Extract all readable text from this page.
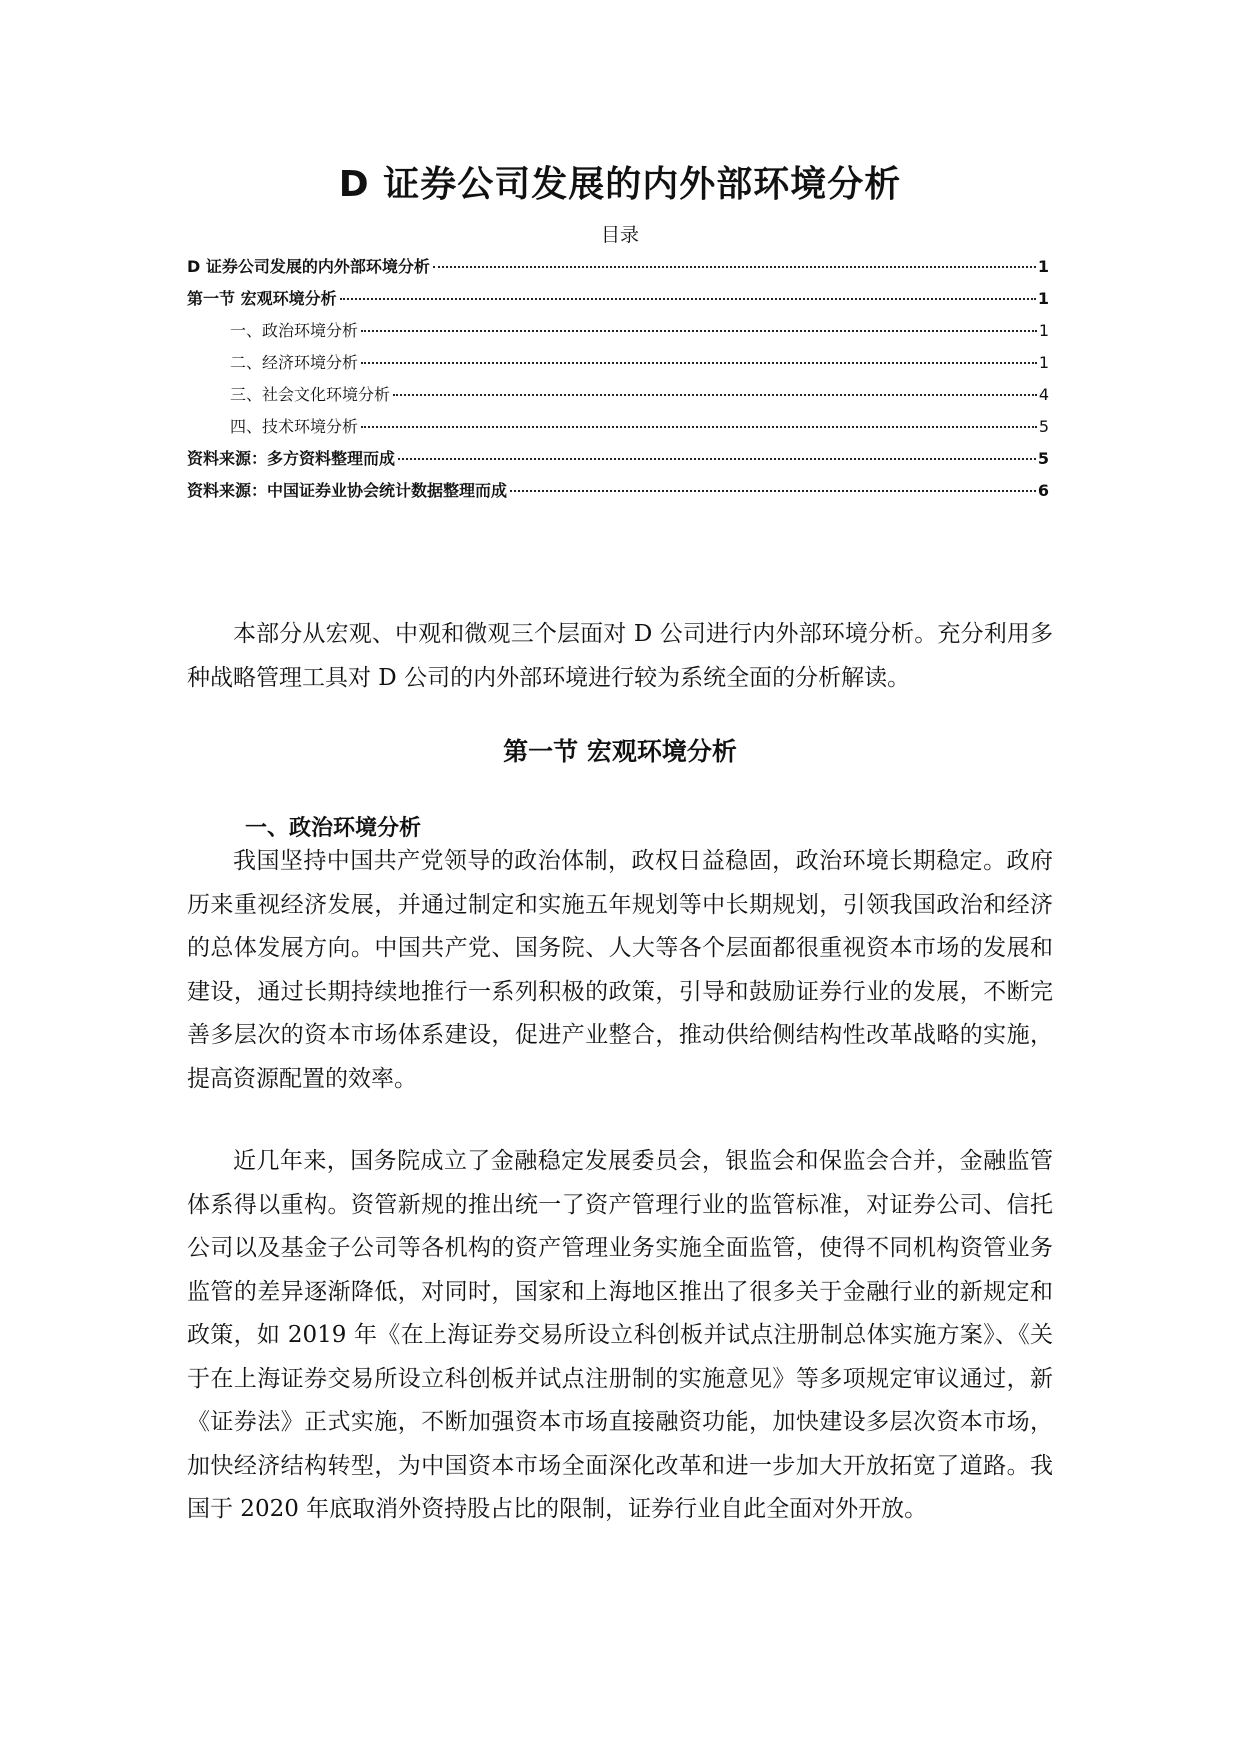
D 证券公司发展的内外部环境分析
目录
D 证券公司发展的内外部环境分析	1
第一节 宏观环境分析	1
一、政治环境分析	1
二、经济环境分析	1
三、社会文化环境分析	4
四、技术环境分析	5
资料来源：多方资料整理而成	5
资料来源：中国证券业协会统计数据整理而成	6

本部分从宏观、中观和微观三个层面对 D 公司进行内外部环境分析。充分利用多种战略管理工具对 D 公司的内外部环境进行较为系统全面的分析解读。

第一节 宏观环境分析
一、政治环境分析

我国坚持中国共产党领导的政治体制，政权日益稳固，政治环境长期稳定。政府历来重视经济发展，并通过制定和实施五年规划等中长期规划，引领我国政治和经济的总体发展方向。中国共产党、国务院、人大等各个层面都很重视资本市场的发展和建设，通过长期持续地推行一系列积极的政策，引导和鼓励证券行业的发展，不断完善多层次的资本市场体系建设，促进产业整合，推动供给侧结构性改革战略的实施，提高资源配置的效率。

近几年来，国务院成立了金融稳定发展委员会，银监会和保监会合并，金融监管体系得以重构。资管新规的推出统一了资产管理行业的监管标准，对证券公司、信托公司以及基金子公司等各机构的资产管理业务实施全面监管，使得不同机构资管业务监管的差异逐渐降低，对同时，国家和上海地区推出了很多关于金融行业的新规定和政策，如 2019 年《在上海证券交易所设立科创板并试点注册制总体实施方案》、《关于在上海证券交易所设立科创板并试点注册制的实施意见》等多项规定审议通过，新《证券法》正式实施，不断加强资本市场直接融资功能，加快建设多层次资本市场，加快经济结构转型，为中国资本市场全面深化改革和进一步加大开放拓宽了道路。我国于 2020 年底取消外资持股占比的限制，证券行业自此全面对外开放。
